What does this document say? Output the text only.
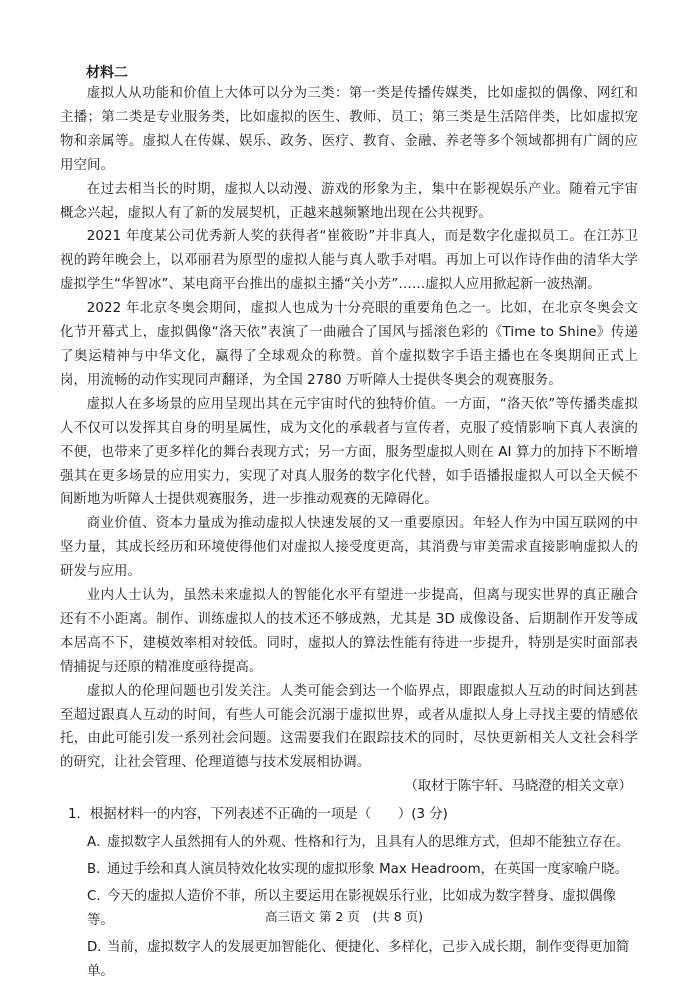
材料二

虚拟人从功能和价值上大体可以分为三类：第一类是传播传媒类，比如虚拟的偶像、网红和主播；第二类是专业服务类，比如虚拟的医生、教师、员工；第三类是生活陪伴类，比如虚拟宠物和亲属等。虚拟人在传媒、娱乐、政务、医疗、教育、金融、养老等多个领域都拥有广阔的应用空间。

在过去相当长的时期，虚拟人以动漫、游戏的形象为主，集中在影视娱乐产业。随着元宇宙概念兴起，虚拟人有了新的发展契机，正越来越频繁地出现在公共视野。

2021 年度某公司优秀新人奖的获得者“崔筱盼”并非真人，而是数字化虚拟员工。在江苏卫视的跨年晚会上，以邓丽君为原型的虚拟人能与真人歌手对唱。再加上可以作诗作曲的清华大学虚拟学生“华智冰”、某电商平台推出的虚拟主播“关小芳”……虚拟人应用掀起新一波热潮。

2022 年北京冬奥会期间，虚拟人也成为十分亮眼的重要角色之一。比如，在北京冬奥会文化节开幕式上，虚拟偶像“洛天依”表演了一曲融合了国风与摇滚色彩的《Time to Shine》传递了奥运精神与中华文化，赢得了全球观众的称赞。首个虚拟数字手语主播也在冬奥期间正式上岗，用流畅的动作实现同声翻译，为全国 2780 万听障人士提供冬奥会的观赛服务。

虚拟人在多场景的应用呈现出其在元宇宙时代的独特价值。一方面，“洛天依”等传播类虚拟人不仅可以发挥其自身的明星属性，成为文化的承载者与宣传者，克服了疫情影响下真人表演的不便，也带来了更多样化的舞台表现方式；另一方面，服务型虚拟人则在 AI 算力的加持下不断增强其在更多场景的应用实力，实现了对真人服务的数字化代替，如手语播报虚拟人可以全天候不间断地为听障人士提供观赛服务，进一步推动观赛的无障碍化。

商业价值、资本力量成为推动虚拟人快速发展的又一重要原因。年轻人作为中国互联网的中坚力量，其成长经历和环境使得他们对虚拟人接受度更高，其消费与审美需求直接影响虚拟人的研发与应用。

业内人士认为，虽然未来虚拟人的智能化水平有望进一步提高，但离与现实世界的真正融合还有不小距离。制作、训练虚拟人的技术还不够成熟，尤其是 3D 成像设备、后期制作开发等成本居高不下，建模效率相对较低。同时，虚拟人的算法性能有待进一步提升，特别是实时面部表情捕捉与还原的精准度亟待提高。

虚拟人的伦理问题也引发关注。人类可能会到达一个临界点，即跟虚拟人互动的时间达到甚至超过跟真人互动的时间，有些人可能会沉溺于虚拟世界，或者从虚拟人身上寻找主要的情感依托，由此可能引发一系列社会问题。这需要我们在跟踪技术的同时，尽快更新相关人文社会科学的研究，让社会管理、伦理道德与技术发展相协调。

（取材于陈宇轩、马晓澄的相关文章）

1．根据材料一的内容，下列表述不正确的一项是（　　）(3 分)

A．虚拟数字人虽然拥有人的外观、性格和行为，且具有人的思维方式，但却不能独立存在。
B．通过手绘和真人演员特效化妆实现的虚拟形象 Max Headroom，在英国一度家喻户晓。
C．今天的虚拟人造价不菲，所以主要运用在影视娱乐行业，比如成为数字替身、虚拟偶像等。
D．当前，虚拟数字人的发展更加智能化、便捷化、多样化，己步入成长期，制作变得更加简单。
高三语文 第 2 页　(共 8 页)
